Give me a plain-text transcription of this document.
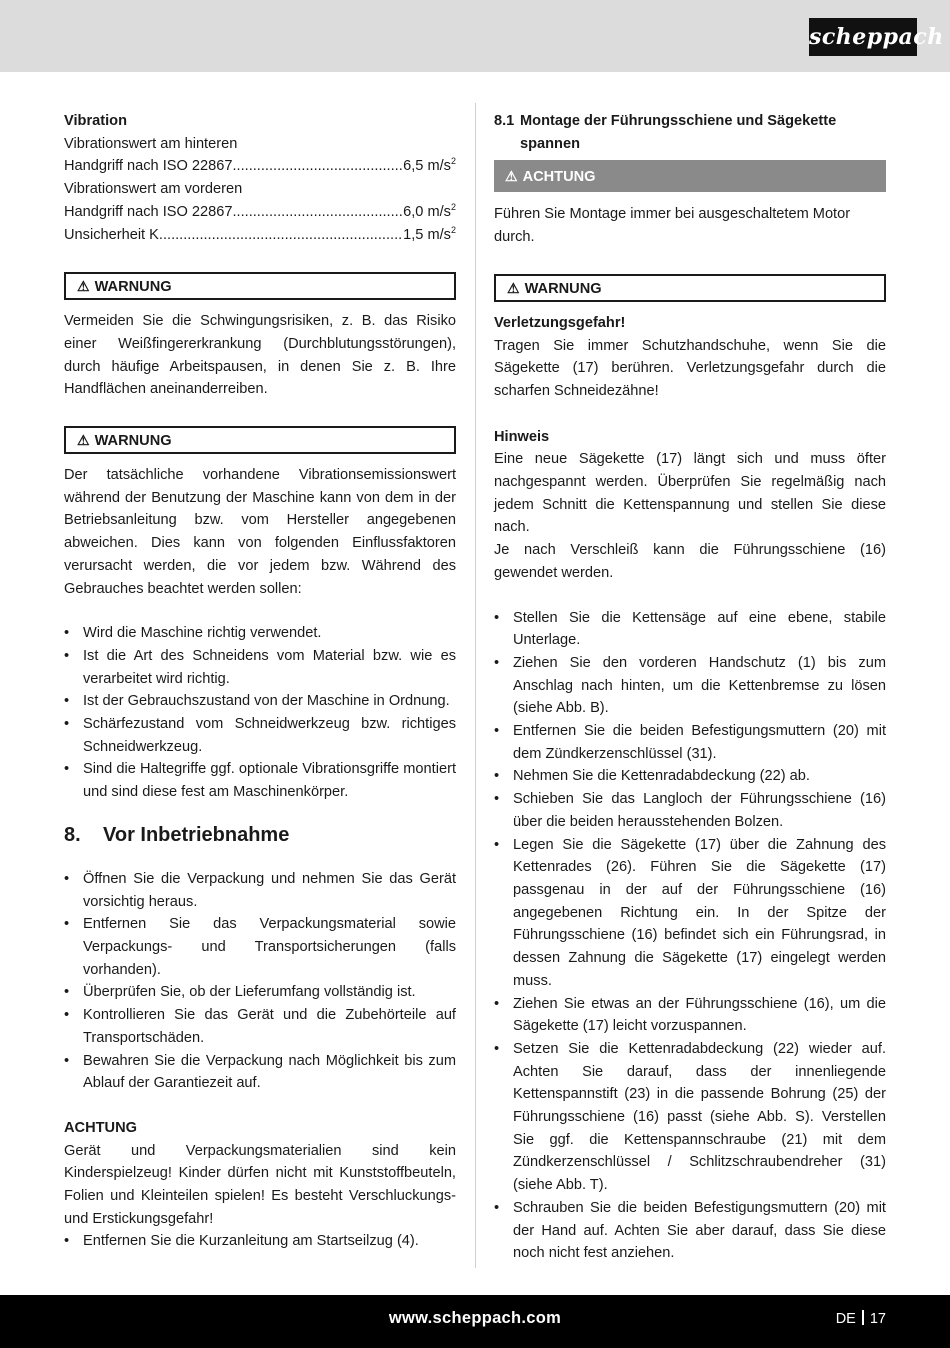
scheppach

Vibration

Vibrationswert am hinteren

Handgriff nach ISO 22867 .....	6,5 $m/s^2$

Vibrationswert am vorderen

Handgriff nach ISO 22867 .....	6,0 $m/s^2$
Unsicherheit K .....	1,5 $m/s^2$
⚠ WARNUNG

Vermeiden Sie die Schwingungsrisiken, z. B. das Risiko einer Weißfingererkrankung (Durchblutungsstörungen), durch häufige Arbeitspausen, in denen Sie z. B. Ihre Handflächen aneinanderreiben.

⚠ WARNUNG

Der tatsächliche vorhandene Vibrationsemissionswert während der Benutzung der Maschine kann von dem in der Betriebsanleitung bzw. vom Hersteller angegebenen abweichen. Dies kann von folgenden Einflussfaktoren verursacht werden, die vor jedem bzw. Während des Gebrauches beachtet werden sollen:

• Wird die Maschine richtig verwendet.
• Ist die Art des Schneidens vom Material bzw. wie es verarbeitet wird richtig.
• Ist der Gebrauchszustand von der Maschine in Ordnung.
• Schärfezustand vom Schneidwerkzeug bzw. richtiges Schneidwerkzeug.
• Sind die Haltegriffe ggf. optionale Vibrationsgriffe montiert und sind diese fest am Maschinenkörper.
8. Vor Inbetriebnahme
• Öffnen Sie die Verpackung und nehmen Sie das Gerät vorsichtig heraus.
• Entfernen Sie das Verpackungsmaterial sowie Verpackungs- und Transportsicherungen (falls vorhanden).
• Überprüfen Sie, ob der Lieferumfang vollständig ist.
• Kontrollieren Sie das Gerät und die Zubehörteile auf Transportschäden.
• Bewahren Sie die Verpackung nach Möglichkeit bis zum Ablauf der Garantiezeit auf.

ACHTUNG

Gerät und Verpackungsmaterialien sind kein Kinderspielzeug! Kinder dürfen nicht mit Kunststoffbeuteln, Folien und Kleinteilen spielen! Es besteht Verschluckungs- und Erstickungsgefahr!

• Entfernen Sie die Kurzanleitung am Startseilzug (4).
8.1 Montage der Führungsschiene und Sägekette spannen
⚠ ACHTUNG

Führen Sie Montage immer bei ausgeschaltetem Motor durch.

⚠ WARNUNG

Verletzungsgefahr!

Tragen Sie immer Schutzhandschuhe, wenn Sie die Sägekette (17) berühren. Verletzungsgefahr durch die scharfen Schneidezähne!

Hinweis

Eine neue Sägekette (17) längt sich und muss öfter nachgespannt werden. Überprüfen Sie regelmäßig nach jedem Schnitt die Kettenspannung und stellen Sie diese nach.

Je nach Verschleiß kann die Führungsschiene (16) gewendet werden.

• Stellen Sie die Kettensäge auf eine ebene, stabile Unterlage.
• Ziehen Sie den vorderen Handschutz (1) bis zum Anschlag nach hinten, um die Kettenbremse zu lösen (siehe Abb. B).
• Entfernen Sie die beiden Befestigungsmuttern (20) mit dem Zündkerzenschlüssel (31).
• Nehmen Sie die Kettenradabdeckung (22) ab.
• Schieben Sie das Langloch der Führungsschiene (16) über die beiden herausstehenden Bolzen.
• Legen Sie die Sägekette (17) über die Zahnung des Kettenrades (26). Führen Sie die Sägekette (17) passgenau in der auf der Führungsschiene (16) angegebenen Richtung ein. In der Spitze der Führungsschiene (16) befindet sich ein Führungsrad, in dessen Zahnung die Sägekette (17) eingelegt werden muss.
• Ziehen Sie etwas an der Führungsschiene (16), um die Sägekette (17) leicht vorzuspannen.
• Setzen Sie die Kettenradabdeckung (22) wieder auf. Achten Sie darauf, dass der innenliegende Kettenspannstift (23) in die passende Bohrung (25) der Führungsschiene (16) passt (siehe Abb. S). Verstellen Sie ggf. die Kettenspannschraube (21) mit dem Zündkerzenschlüssel / Schlitzschraubendreher (31) (siehe Abb. T).
• Schrauben Sie die beiden Befestigungsmuttern (20) mit der Hand auf. Achten Sie aber darauf, dass Sie diese noch nicht fest anziehen.
www.scheppach.com	DE 17
